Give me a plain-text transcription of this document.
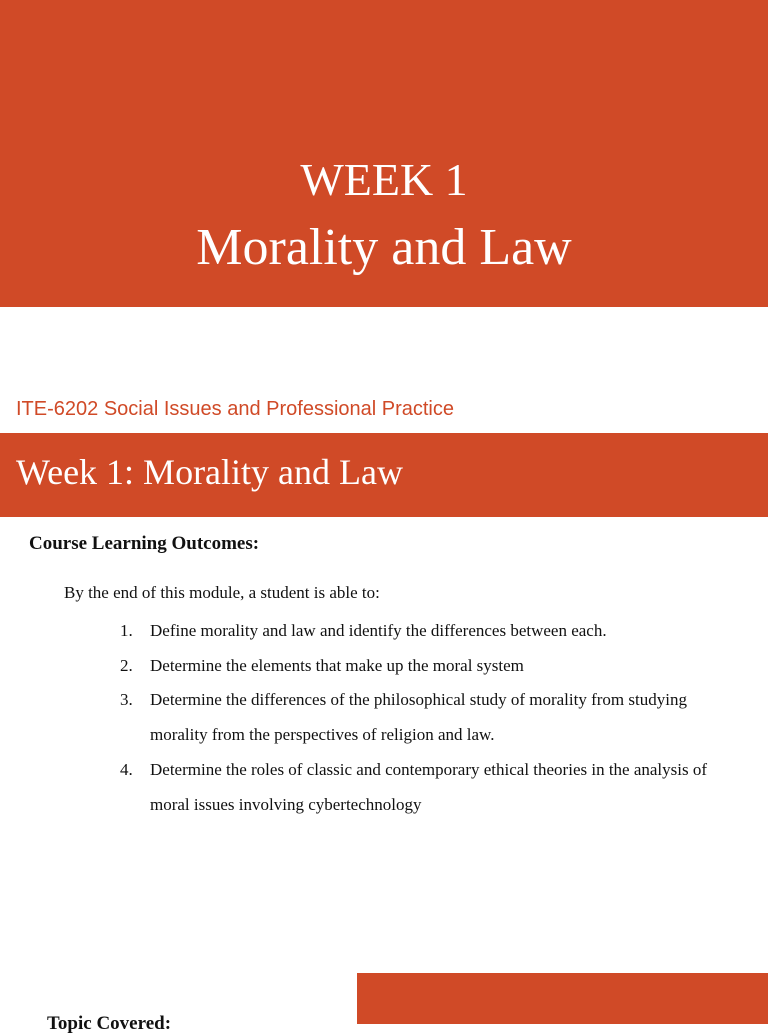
WEEK 1
Morality and Law
ITE-6202 Social Issues and Professional Practice
Week 1: Morality and Law
Course Learning Outcomes:
By the end of this module, a student is able to:
1.	Define morality and law and identify the differences between each.
2.	Determine the elements that make up the moral system
3.	Determine the differences of the philosophical study of morality from studying morality from the perspectives of religion and law.
4.	Determine the roles of classic and contemporary ethical theories in the analysis of moral issues involving cybertechnology
Topic Covered:
